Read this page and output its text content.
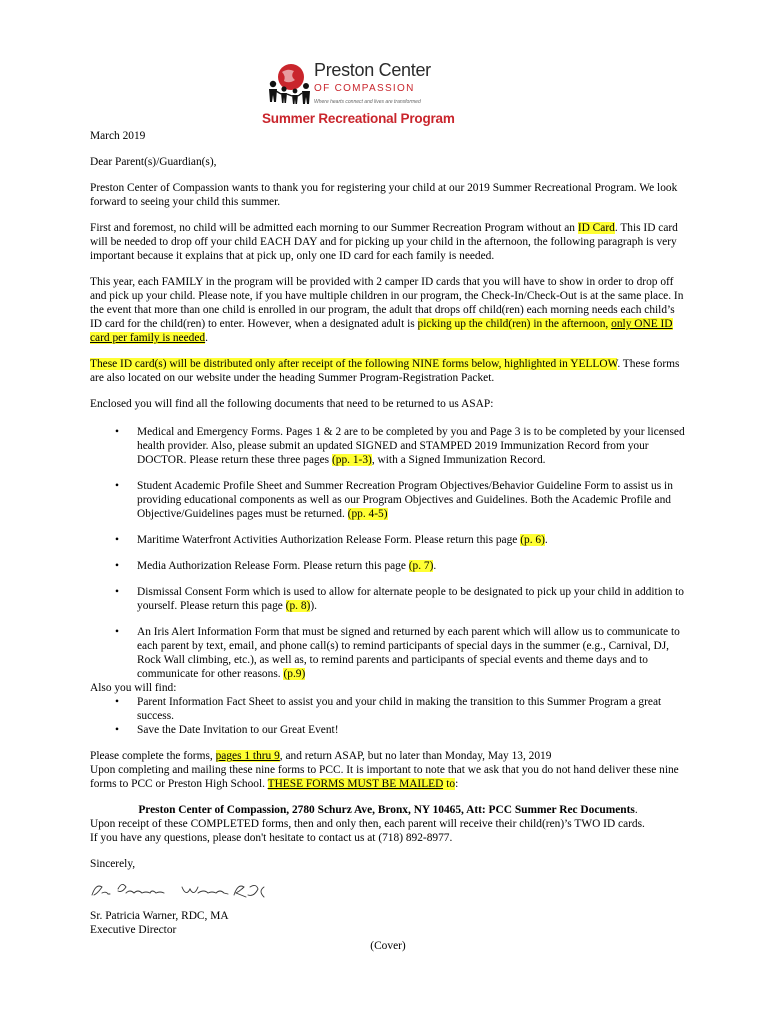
Preston Center
OF COMPASSION
Where hearts connect and lives are transformed
Summer Recreational Program

March 2019

Dear Parent(s)/Guardian(s),

Preston Center of Compassion wants to thank you for registering your child at our 2019 Summer Recreational Program. We look forward to seeing your child this summer.

First and foremost, no child will be admitted each morning to our Summer Recreation Program without an ID Card. This ID card will be needed to drop off your child EACH DAY and for picking up your child in the afternoon, the following paragraph is very important because it explains that at pick up, only one ID card for each family is needed.

This year, each FAMILY in the program will be provided with 2 camper ID cards that you will have to show in order to drop off and pick up your child. Please note, if you have multiple children in our program, the Check-In/Check-Out is at the same place. In the event that more than one child is enrolled in our program, the adult that drops off child(ren) each morning needs each child’s ID card for the child(ren) to enter. However, when a designated adult is picking up the child(ren) in the afternoon, only ONE ID card per family is needed.

These ID card(s) will be distributed only after receipt of the following NINE forms below, highlighted in YELLOW. These forms are also located on our website under the heading Summer Program-Registration Packet.

Enclosed you will find all the following documents that need to be returned to us ASAP:

• Medical and Emergency Forms. Pages 1 & 2 are to be completed by you and Page 3 is to be completed by your licensed health provider. Also, please submit an updated SIGNED and STAMPED 2019 Immunization Record from your DOCTOR. Please return these three pages (pp. 1-3), with a Signed Immunization Record.
• Student Academic Profile Sheet and Summer Recreation Program Objectives/Behavior Guideline Form to assist us in providing educational components as well as our Program Objectives and Guidelines. Both the Academic Profile and Objective/Guidelines pages must be returned. (pp. 4-5)
• Maritime Waterfront Activities Authorization Release Form. Please return this page (p. 6).
• Media Authorization Release Form. Please return this page (p. 7).
• Dismissal Consent Form which is used to allow for alternate people to be designated to pick up your child in addition to yourself. Please return this page (p. 8)).
• An Iris Alert Information Form that must be signed and returned by each parent which will allow us to communicate to each parent by text, email, and phone call(s) to remind participants of special days in the summer (e.g., Carnival, DJ, Rock Wall climbing, etc.), as well as, to remind parents and participants of special events and theme days and to communicate for other reasons. (p.9)
Also you will find:
• Parent Information Fact Sheet to assist you and your child in making the transition to this Summer Program a great success.
• Save the Date Invitation to our Great Event!

Please complete the forms, pages 1 thru 9, and return ASAP, but no later than Monday, May 13, 2019
Upon completing and mailing these nine forms to PCC. It is important to note that we ask that you do not hand deliver these nine forms to PCC or Preston High School. THESE FORMS MUST BE MAILED to:

Preston Center of Compassion, 2780 Schurz Ave, Bronx, NY 10465, Att: PCC Summer Rec Documents.
Upon receipt of these COMPLETED forms, then and only then, each parent will receive their child(ren)’s TWO ID cards.

If you have any questions, please don't hesitate to contact us at (718) 892-8977.

Sincerely,

Sr. Patricia Warner, RDC, MA
Executive Director
(Cover)
